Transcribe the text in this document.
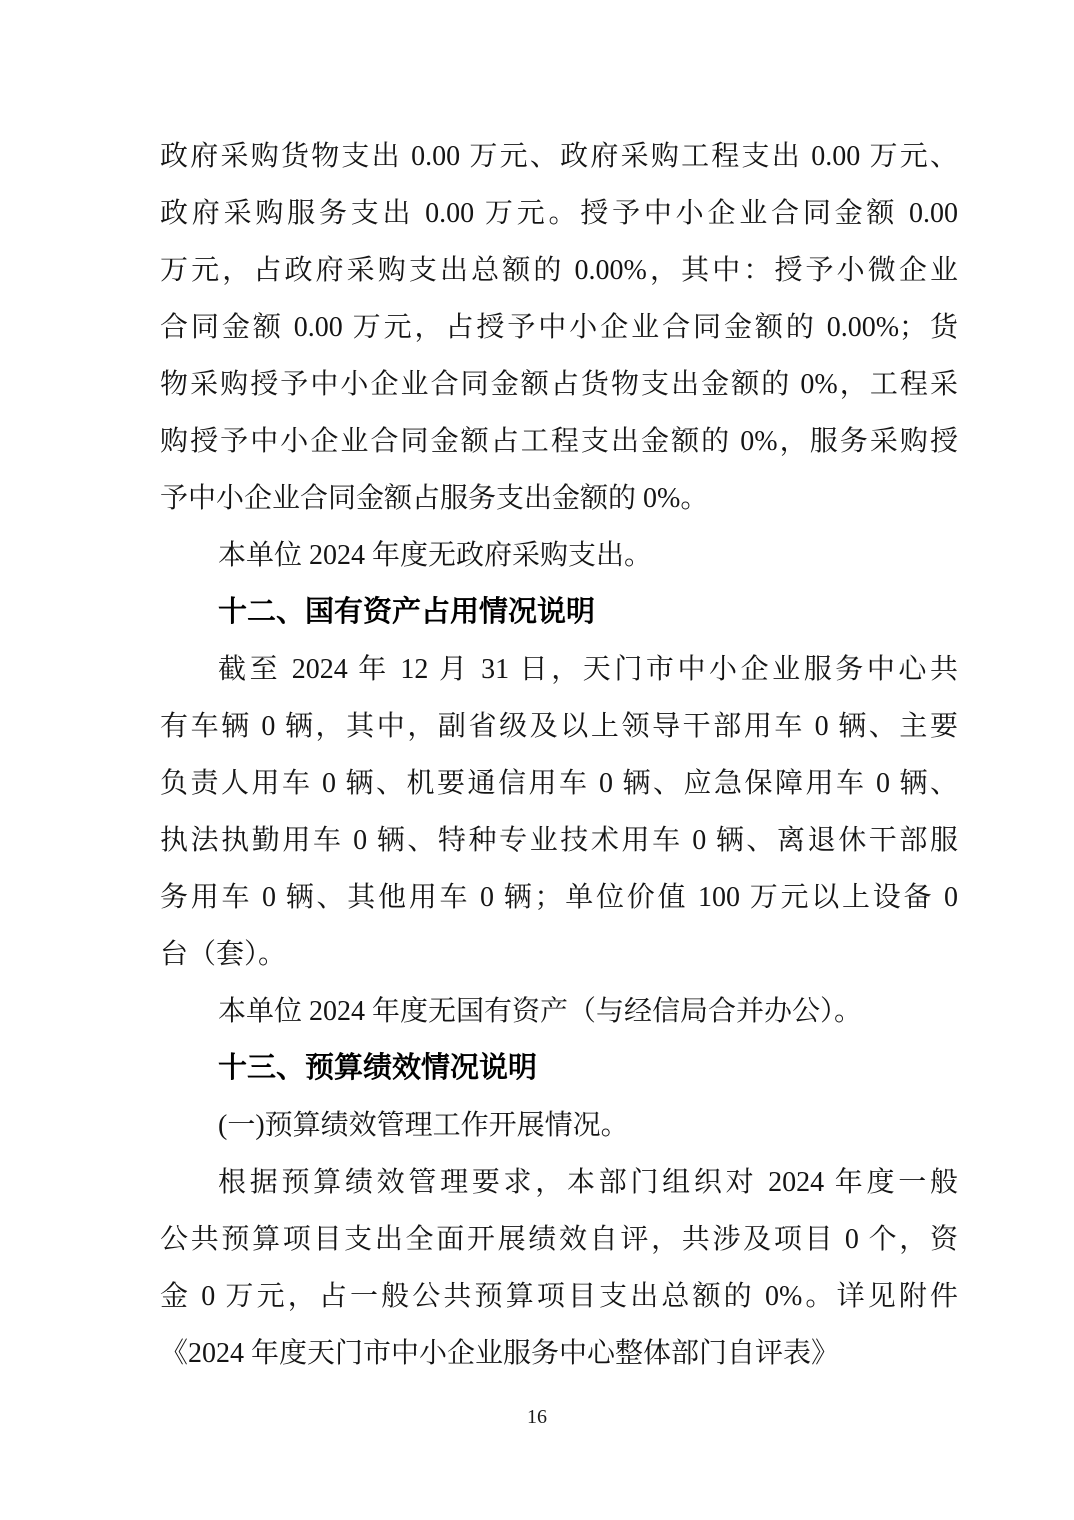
政府采购货物支出 0.00 万元、政府采购工程支出 0.00 万元、
政府采购服务支出 0.00 万元。授予中小企业合同金额 0.00
万元，占政府采购支出总额的 0.00%，其中：授予小微企业
合同金额 0.00 万元，占授予中小企业合同金额的 0.00%；货
物采购授予中小企业合同金额占货物支出金额的 0%，工程采
购授予中小企业合同金额占工程支出金额的 0%，服务采购授
予中小企业合同金额占服务支出金额的 0%。
本单位 2024 年度无政府采购支出。
十二、国有资产占用情况说明
截至 2024 年 12 月 31 日，天门市中小企业服务中心共
有车辆 0 辆，其中，副省级及以上领导干部用车 0 辆、主要
负责人用车 0 辆、机要通信用车 0 辆、应急保障用车 0 辆、
执法执勤用车 0 辆、特种专业技术用车 0 辆、离退休干部服
务用车 0 辆、其他用车 0 辆；单位价值 100 万元以上设备 0
台（套）。
本单位 2024 年度无国有资产（与经信局合并办公）。
十三、预算绩效情况说明
(一)预算绩效管理工作开展情况。
根据预算绩效管理要求，本部门组织对 2024 年度一般
公共预算项目支出全面开展绩效自评，共涉及项目 0 个，资
金 0 万元，占一般公共预算项目支出总额的 0%。详见附件
《2024 年度天门市中小企业服务中心整体部门自评表》
16
